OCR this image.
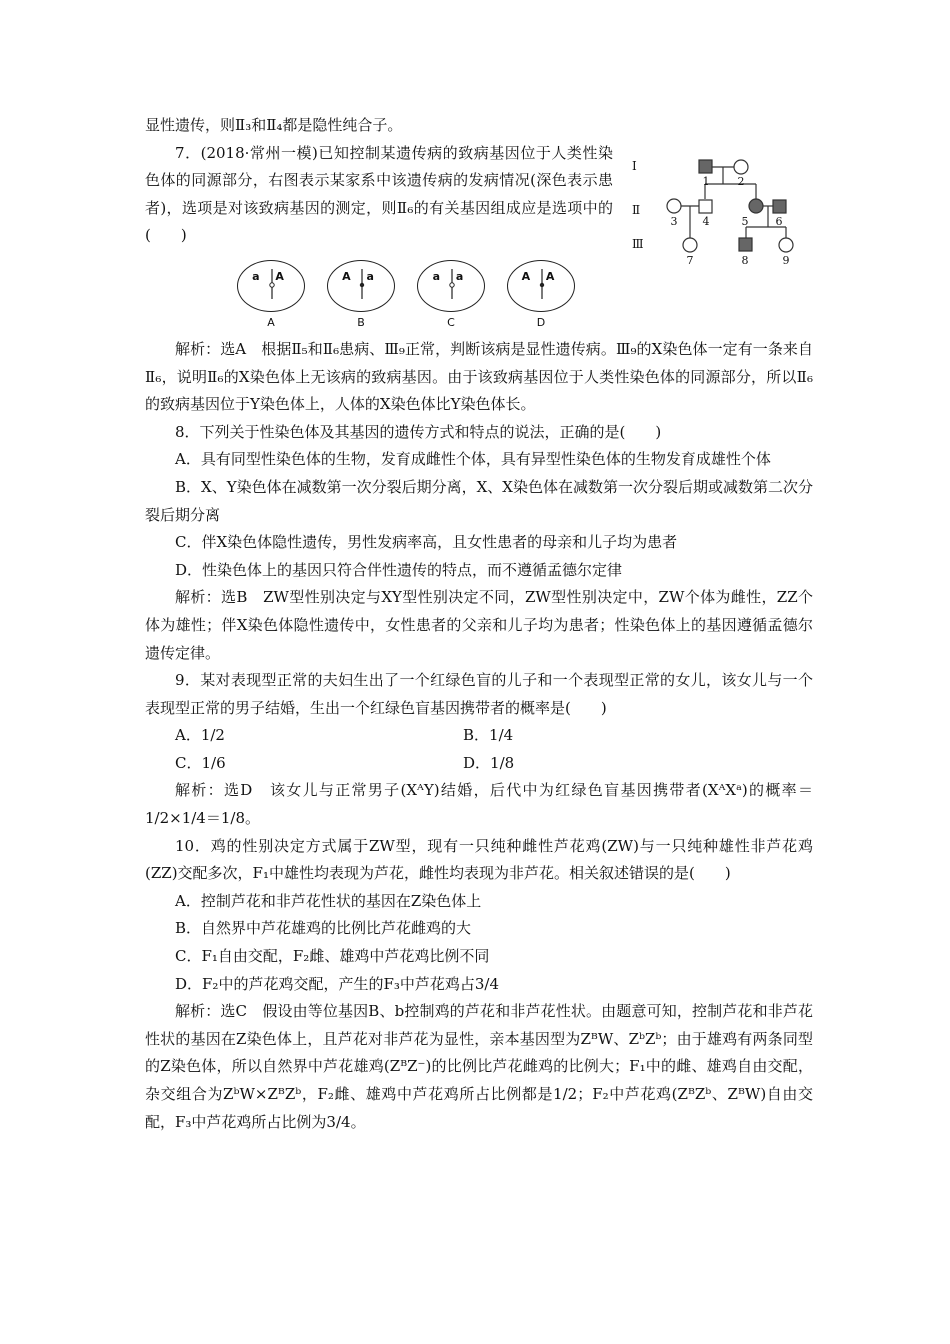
Ⅰ
Ⅱ
Ⅲ
1	2
3 4	5 6
7	8	9

显性遗传，则Ⅱ₃和Ⅱ₄都是隐性纯合子。

7．(2018·常州一模)已知控制某遗传病的致病基因位于人类性染色体的同源部分，右图表示某家系中该遗传病的发病情况(深色表示患者)，选项是对该致病基因的测定，则Ⅱ₆的有关基因组成应是选项中的(　　)

a A
A
A a
B
a a
C
A A
D

解析：选A　根据Ⅱ₅和Ⅱ₆患病、Ⅲ₉正常，判断该病是显性遗传病。Ⅲ₉的X染色体一定有一条来自Ⅱ₆，说明Ⅱ₆的X染色体上无该病的致病基因。由于该致病基因位于人类性染色体的同源部分，所以Ⅱ₆的致病基因位于Y染色体上，人体的X染色体比Y染色体长。

8．下列关于性染色体及其基因的遗传方式和特点的说法，正确的是(　　)

A．具有同型性染色体的生物，发育成雌性个体，具有异型性染色体的生物发育成雄性个体

B．X、Y染色体在减数第一次分裂后期分离，X、X染色体在减数第一次分裂后期或减数第二次分裂后期分离

C．伴X染色体隐性遗传，男性发病率高，且女性患者的母亲和儿子均为患者

D．性染色体上的基因只符合伴性遗传的特点，而不遵循孟德尔定律

解析：选B　ZW型性别决定与XY型性别决定不同，ZW型性别决定中，ZW个体为雌性，ZZ个体为雄性；伴X染色体隐性遗传中，女性患者的父亲和儿子均为患者；性染色体上的基因遵循孟德尔遗传定律。

9．某对表现型正常的夫妇生出了一个红绿色盲的儿子和一个表现型正常的女儿，该女儿与一个表现型正常的男子结婚，生出一个红绿色盲基因携带者的概率是(　　)

A．1/2	B．1/4
C．1/6	D．1/8

解析：选D　该女儿与正常男子(XᴬY)结婚，后代中为红绿色盲基因携带者(XᴬXᵃ)的概率＝1/2×1/4＝1/8。

10．鸡的性别决定方式属于ZW型，现有一只纯种雌性芦花鸡(ZW)与一只纯种雄性非芦花鸡(ZZ)交配多次，F₁中雄性均表现为芦花，雌性均表现为非芦花。相关叙述错误的是(　　)

A．控制芦花和非芦花性状的基因在Z染色体上

B．自然界中芦花雄鸡的比例比芦花雌鸡的大

C．F₁自由交配，F₂雌、雄鸡中芦花鸡比例不同

D．F₂中的芦花鸡交配，产生的F₃中芦花鸡占3/4

解析：选C　假设由等位基因B、b控制鸡的芦花和非芦花性状。由题意可知，控制芦花和非芦花性状的基因在Z染色体上，且芦花对非芦花为显性，亲本基因型为ZᴮW、ZᵇZᵇ；由于雄鸡有两条同型的Z染色体，所以自然界中芦花雄鸡(ZᴮZ⁻)的比例比芦花雌鸡的比例大；F₁中的雌、雄鸡自由交配，杂交组合为ZᵇW×ZᴮZᵇ，F₂雌、雄鸡中芦花鸡所占比例都是1/2；F₂中芦花鸡(ZᴮZᵇ、ZᴮW)自由交配，F₃中芦花鸡所占比例为3/4。
